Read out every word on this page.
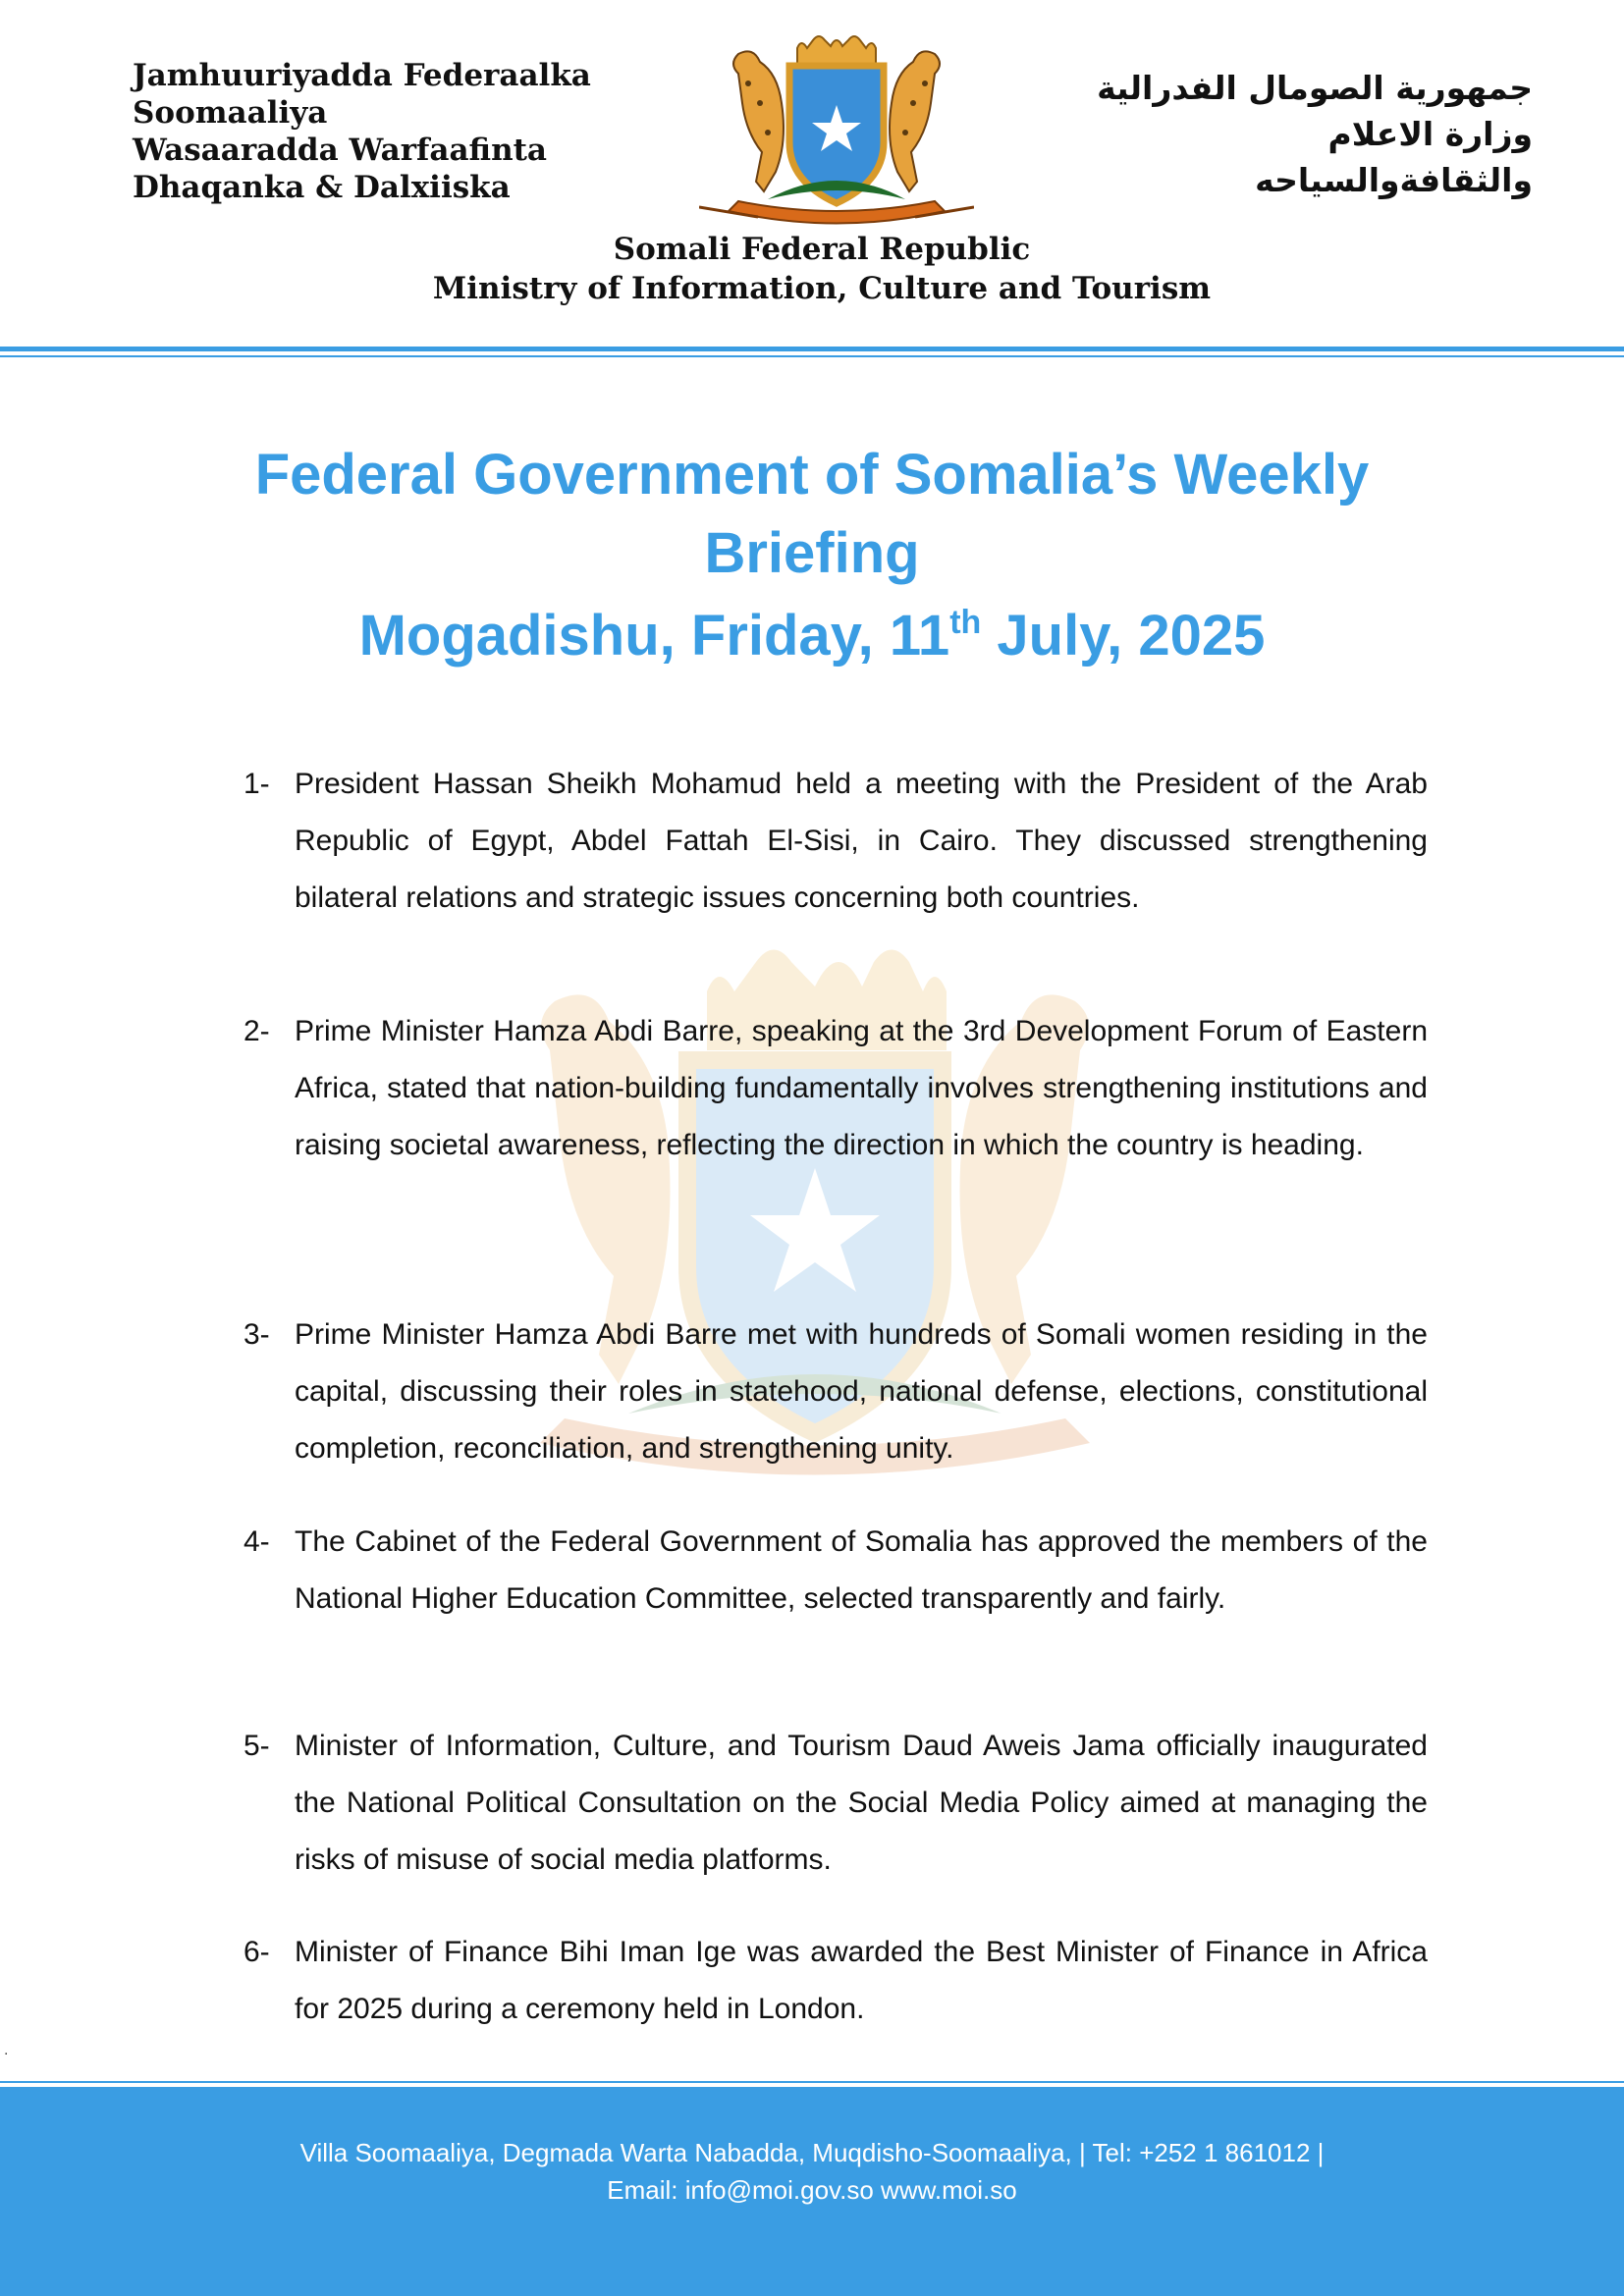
Jamhuuriyadda Federaalka
Soomaaliya
Wasaaradda Warfaafinta
Dhaqanka & Dalxiiska
جمهورية الصومال الفدرالية
وزارة الاعلام
والثقافةوالسياحه
Somali Federal Republic
Ministry of Information, Culture and Tourism
Federal Government of Somalia’s Weekly
Briefing
Mogadishu, Friday, 11th July, 2025
1- President Hassan Sheikh Mohamud held a meeting with the President of the Arab Republic of Egypt, Abdel Fattah El-Sisi, in Cairo. They discussed strengthening bilateral relations and strategic issues concerning both countries.
2- Prime Minister Hamza Abdi Barre, speaking at the 3rd Development Forum of Eastern Africa, stated that nation-building fundamentally involves strengthening institutions and raising societal awareness, reflecting the direction in which the country is heading.
3- Prime Minister Hamza Abdi Barre met with hundreds of Somali women residing in the capital, discussing their roles in statehood, national defense, elections, constitutional completion, reconciliation, and strengthening unity.
4- The Cabinet of the Federal Government of Somalia has approved the members of the National Higher Education Committee, selected transparently and fairly.
5- Minister of Information, Culture, and Tourism Daud Aweis Jama officially inaugurated the National Political Consultation on the Social Media Policy aimed at managing the risks of misuse of social media platforms.
6- Minister of Finance Bihi Iman Ige was awarded the Best Minister of Finance in Africa for 2025 during a ceremony held in London.
.
Villa Soomaaliya, Degmada Warta Nabadda, Muqdisho-Soomaaliya, | Tel: +252 1 861012 |
Email: info@moi.gov.so www.moi.so
